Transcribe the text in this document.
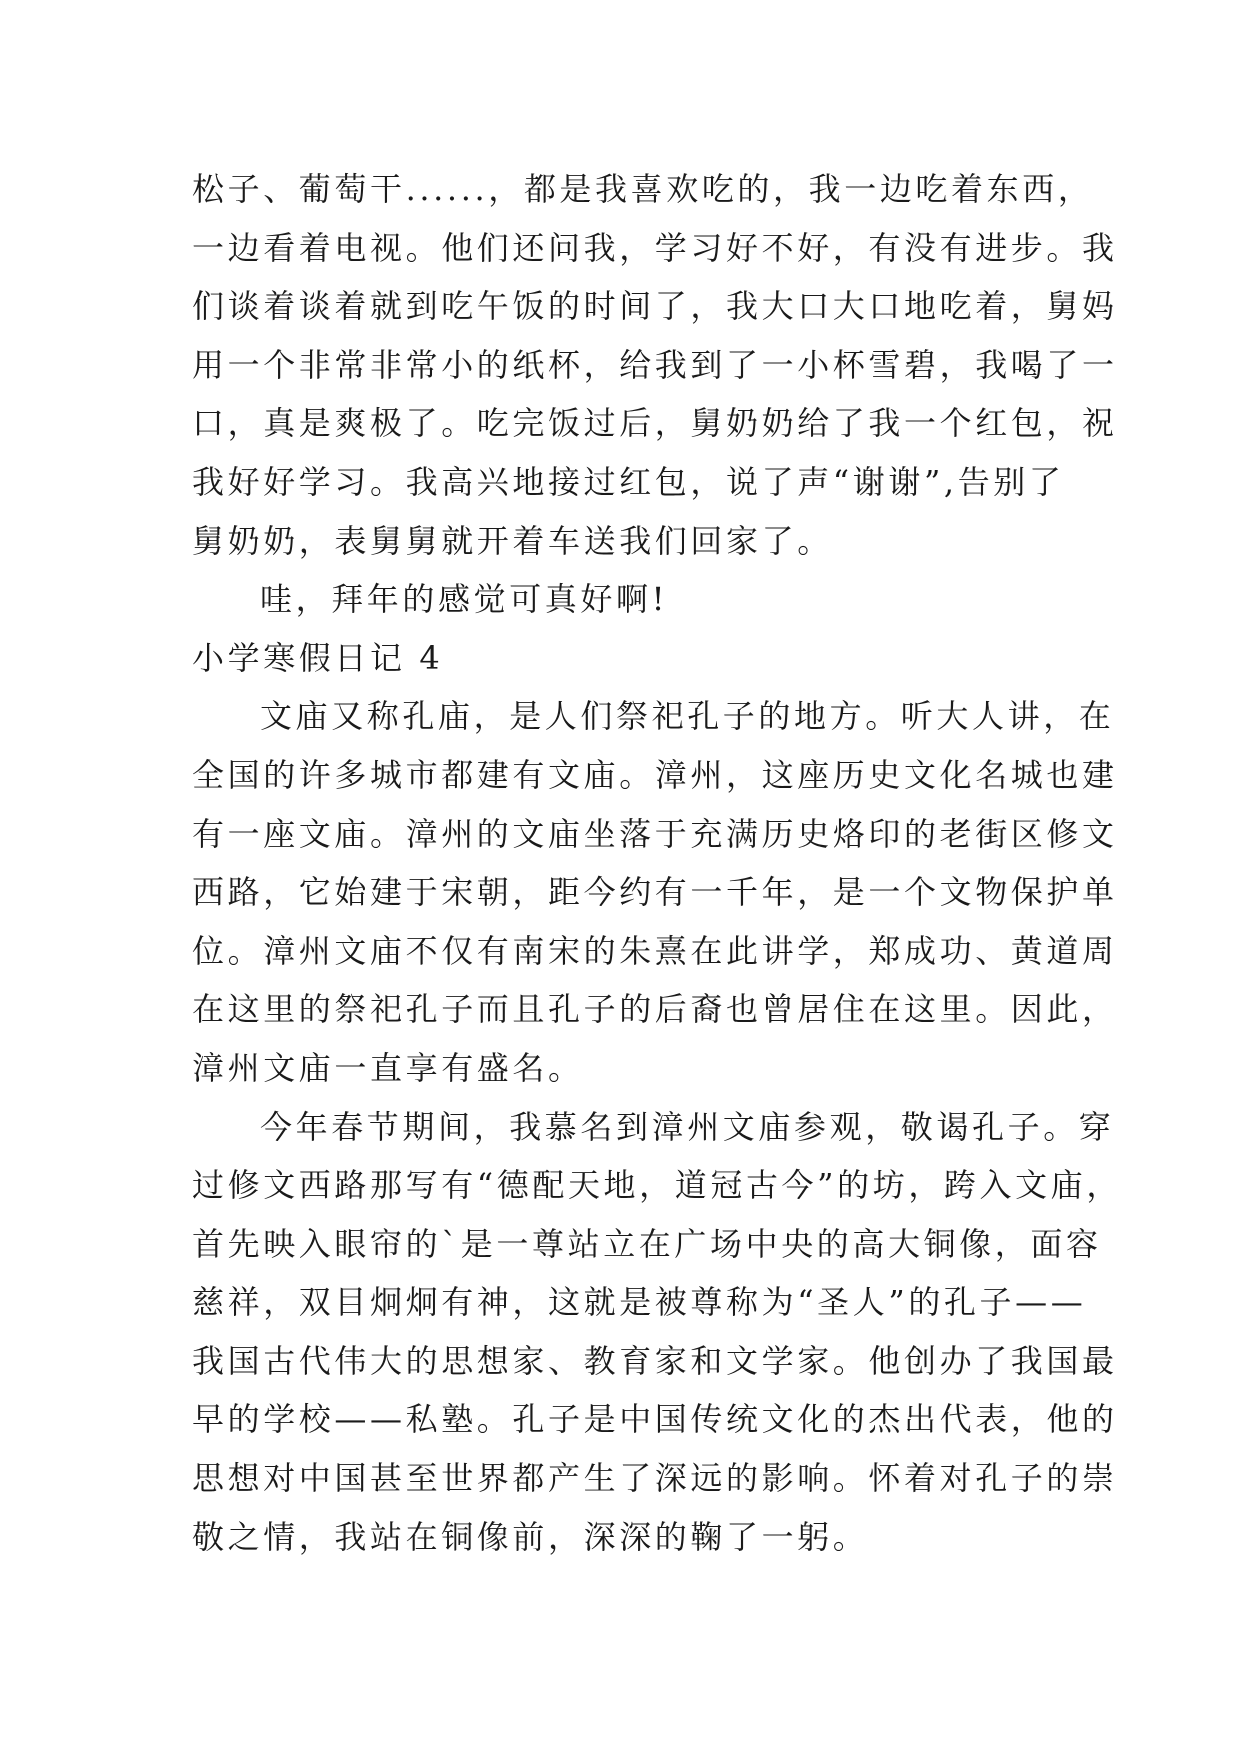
松子、葡萄干......，都是我喜欢吃的，我一边吃着东西，
一边看着电视。他们还问我，学习好不好，有没有进步。我
们谈着谈着就到吃午饭的时间了，我大口大口地吃着，舅妈
用一个非常非常小的纸杯，给我到了一小杯雪碧，我喝了一
口，真是爽极了。吃完饭过后，舅奶奶给了我一个红包，祝
我好好学习。我高兴地接过红包，说了声“谢谢”,告别了
舅奶奶，表舅舅就开着车送我们回家了。
哇，拜年的感觉可真好啊!
小学寒假日记 4
文庙又称孔庙，是人们祭祀孔子的地方。听大人讲，在
全国的许多城市都建有文庙。漳州，这座历史文化名城也建
有一座文庙。漳州的文庙坐落于充满历史烙印的老街区修文
西路，它始建于宋朝，距今约有一千年，是一个文物保护单
位。漳州文庙不仅有南宋的朱熹在此讲学，郑成功、黄道周
在这里的祭祀孔子而且孔子的后裔也曾居住在这里。因此，
漳州文庙一直享有盛名。
今年春节期间，我慕名到漳州文庙参观，敬谒孔子。穿
过修文西路那写有“德配天地，道冠古今”的坊，跨入文庙，
首先映入眼帘的`是一尊站立在广场中央的高大铜像，面容
慈祥，双目炯炯有神，这就是被尊称为“圣人”的孔子——
我国古代伟大的思想家、教育家和文学家。他创办了我国最
早的学校——私塾。孔子是中国传统文化的杰出代表，他的
思想对中国甚至世界都产生了深远的影响。怀着对孔子的崇
敬之情，我站在铜像前，深深的鞠了一躬。
